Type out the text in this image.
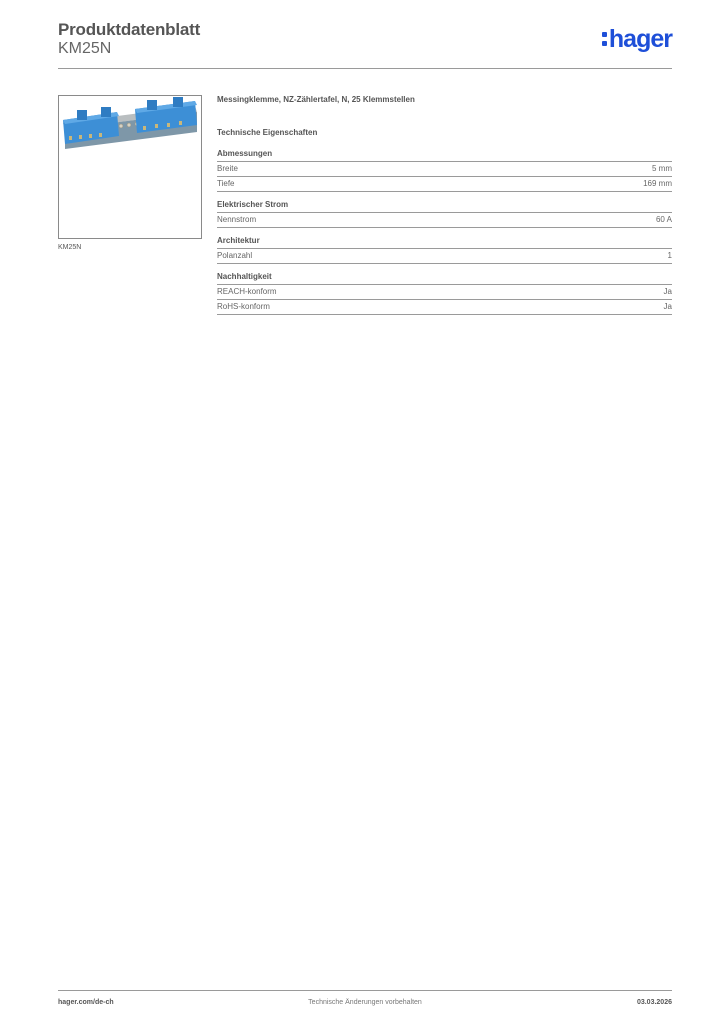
Produktdatenblatt
KM25N	hager
KM25N
Messingklemme, NZ-Zählertafel, N, 25 Klemmstellen
Technische Eigenschaften
Abmessungen
Breite	5 mm
Tiefe	169 mm
Elektrischer Strom
Nennstrom	60 A
Architektur
Polanzahl	1
Nachhaltigkeit
REACH-konform	Ja
RoHS-konform	Ja
hager.com/de-ch	Technische Änderungen vorbehalten	03.03.2026
